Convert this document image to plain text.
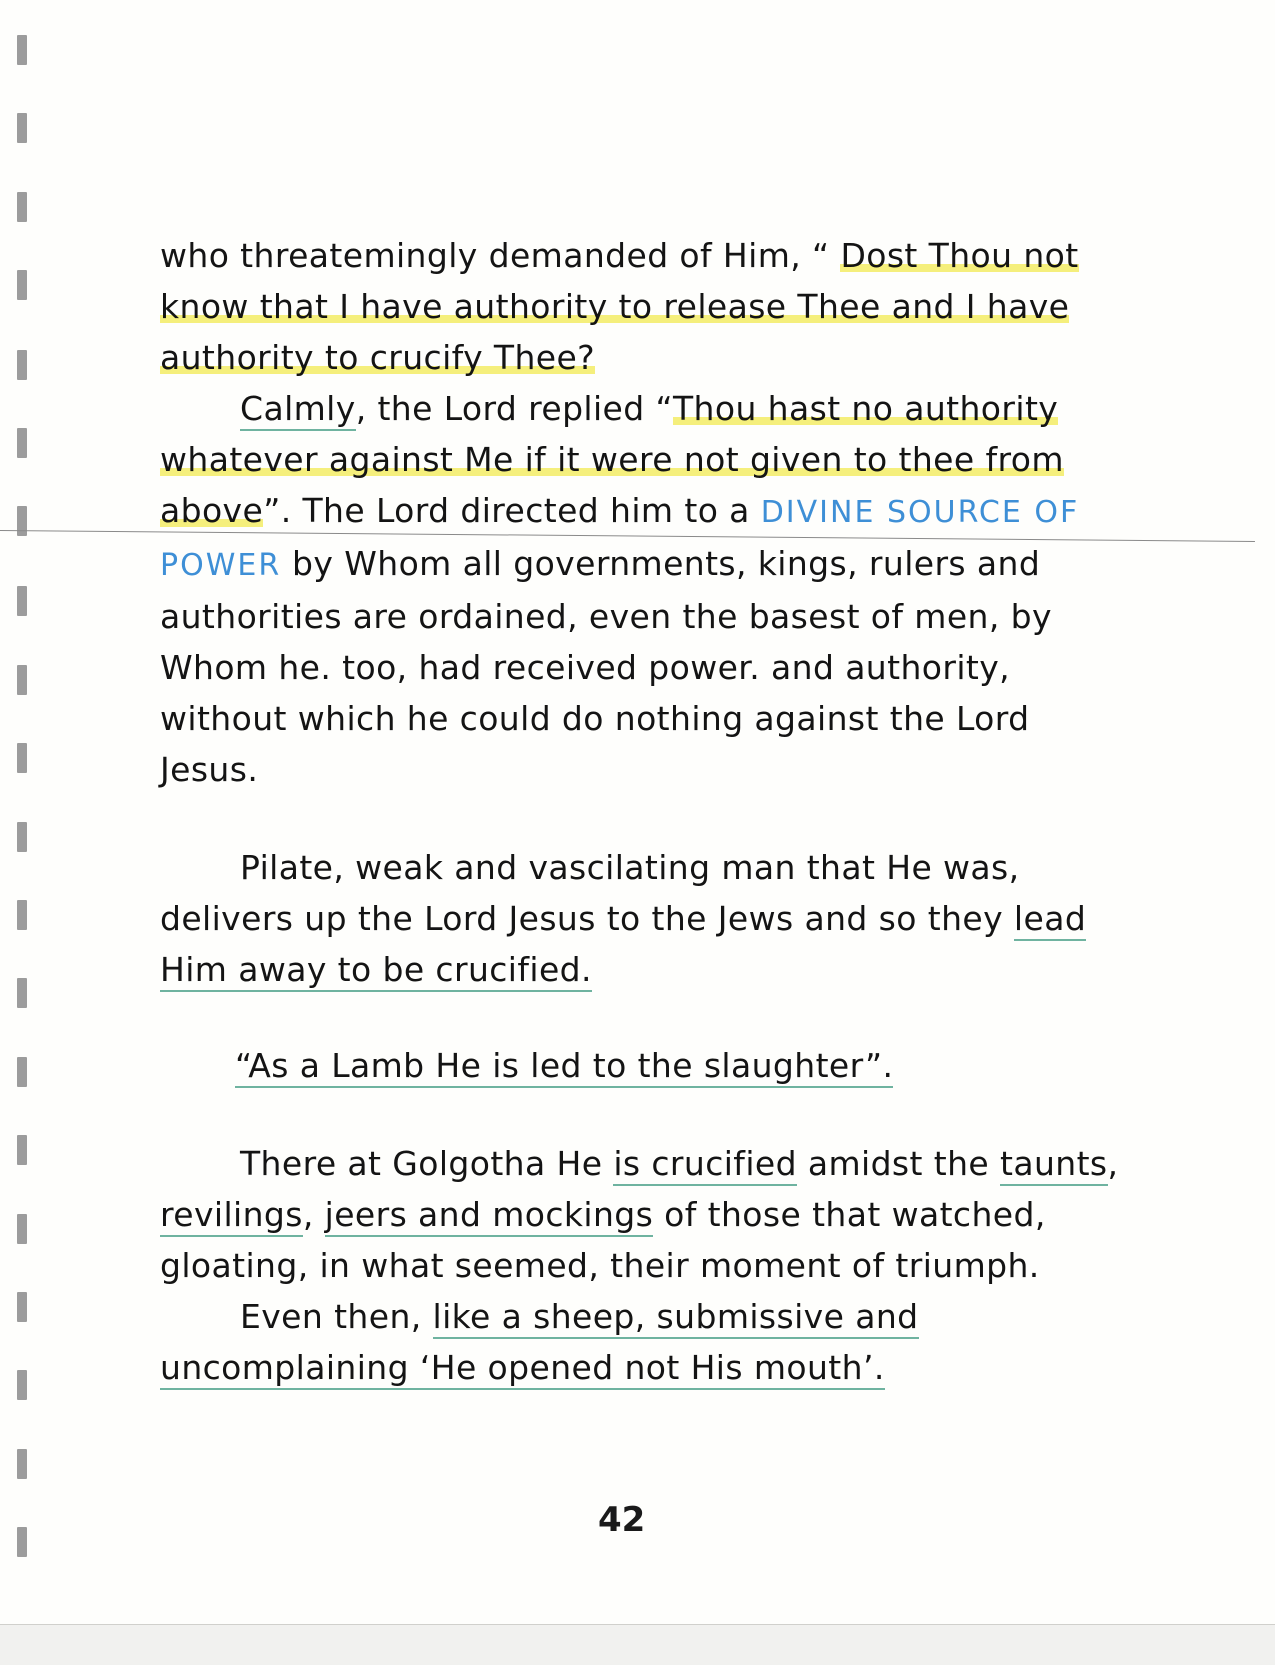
who threatemingly demanded of Him, “ Dost Thou not know that I have authority to release Thee and I have authority to crucify Thee?

Calmly, the Lord replied “Thou hast no authority whatever against Me if it were not given to thee from above”. The Lord directed him to a DIVINE SOURCE OF POWER by Whom all governments, kings, rulers and authorities are ordained, even the basest of men, by Whom he. too, had received power. and authority, without which he could do nothing against the Lord Jesus.

Pilate, weak and vascilating man that He was, delivers up the Lord Jesus to the Jews and so they lead Him away to be crucified.

“As a Lamb He is led to the slaughter”.

There at Golgotha He is crucified amidst the taunts, revilings, jeers and mockings of those that watched, gloating, in what seemed, their moment of triumph.

Even then, like a sheep, submissive and uncomplaining ‘He opened not His mouth’.

42
